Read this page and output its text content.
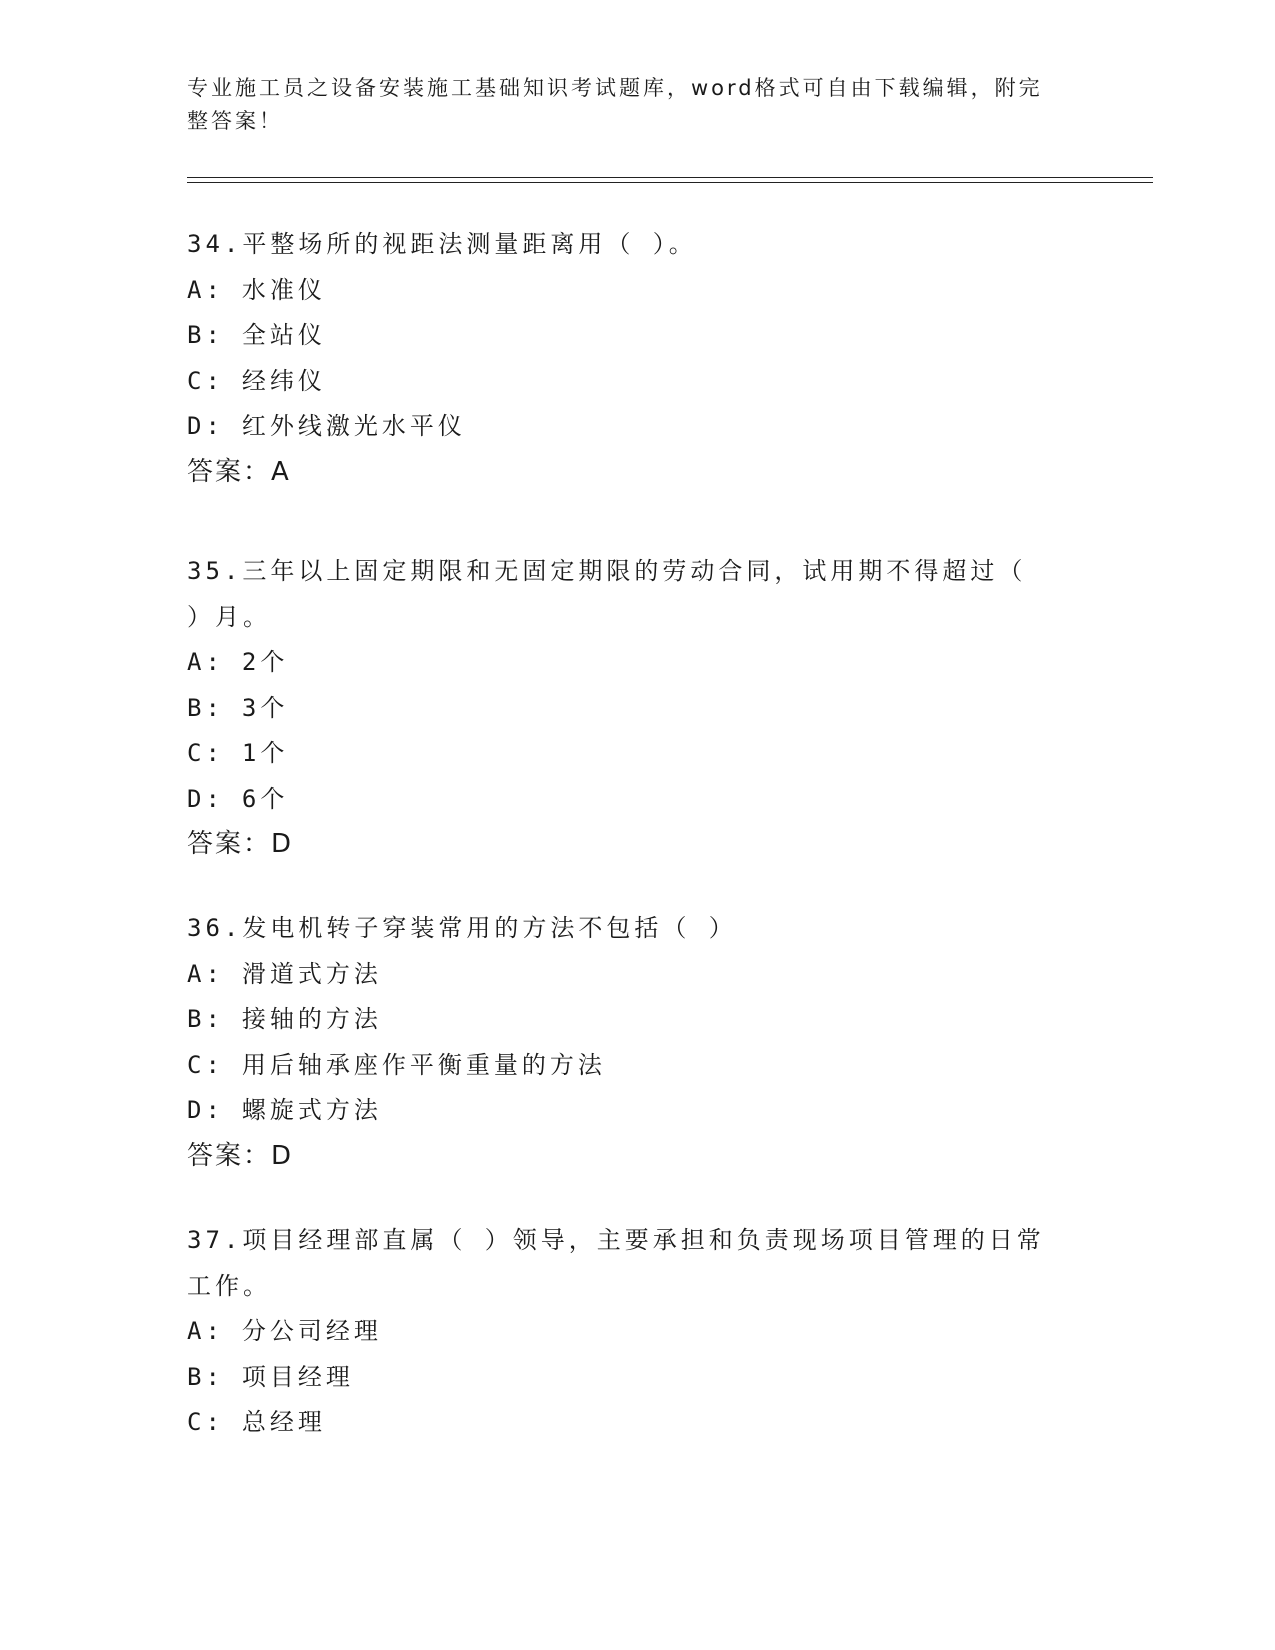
专业施工员之设备安装施工基础知识考试题库，word格式可自由下载编辑，附完
整答案！
34.平整场所的视距法测量距离用（ ）。
A: 水准仪
B: 全站仪
C: 经纬仪
D: 红外线激光水平仪
答案：A
35.三年以上固定期限和无固定期限的劳动合同，试用期不得超过（
）月。
A: 2个
B: 3个
C: 1个
D: 6个
答案：D
36.发电机转子穿装常用的方法不包括（ ）
A: 滑道式方法
B: 接轴的方法
C: 用后轴承座作平衡重量的方法
D: 螺旋式方法
答案：D
37.项目经理部直属（ ）领导，主要承担和负责现场项目管理的日常
工作。
A: 分公司经理
B: 项目经理
C: 总经理
